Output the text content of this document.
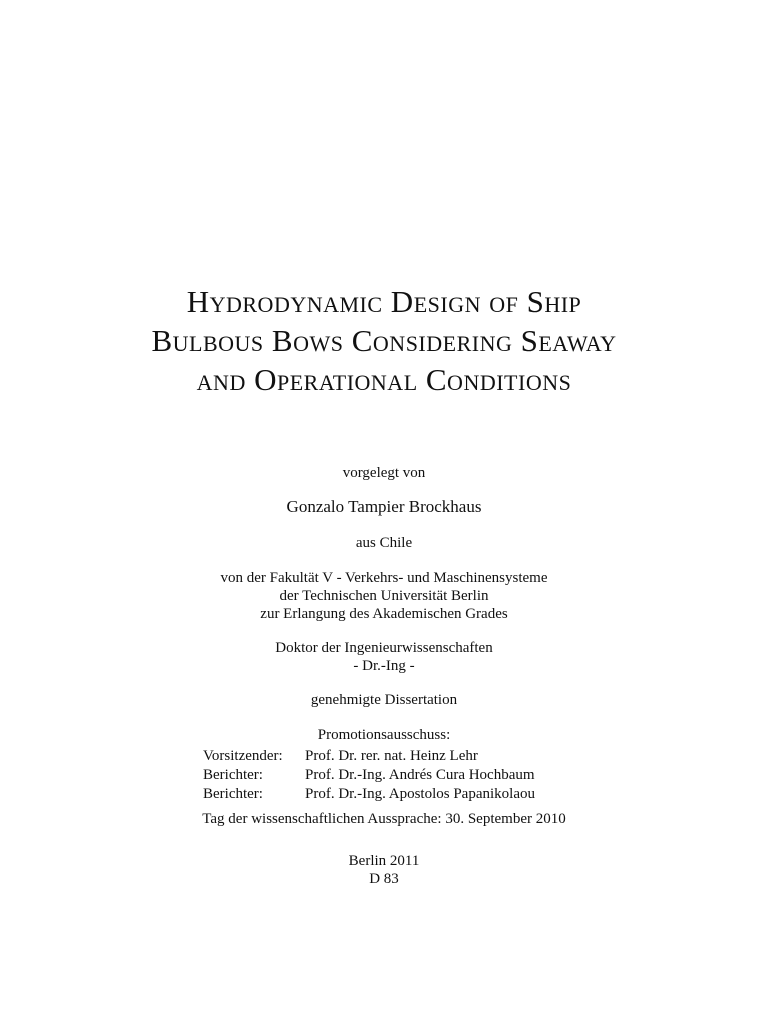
Hydrodynamic Design of Ship
Bulbous Bows Considering Seaway
and Operational Conditions
vorgelegt von
Gonzalo Tampier Brockhaus
aus Chile
von der Fakultät V - Verkehrs- und Maschinensysteme
der Technischen Universität Berlin
zur Erlangung des Akademischen Grades
Doktor der Ingenieurwissenschaften
- Dr.-Ing -
genehmigte Dissertation
Promotionsausschuss:
Vorsitzender:	Prof. Dr. rer. nat. Heinz Lehr
Berichter:	Prof. Dr.-Ing. Andrés Cura Hochbaum
Berichter:	Prof. Dr.-Ing. Apostolos Papanikolaou
Tag der wissenschaftlichen Aussprache: 30. September 2010
Berlin 2011
D 83
